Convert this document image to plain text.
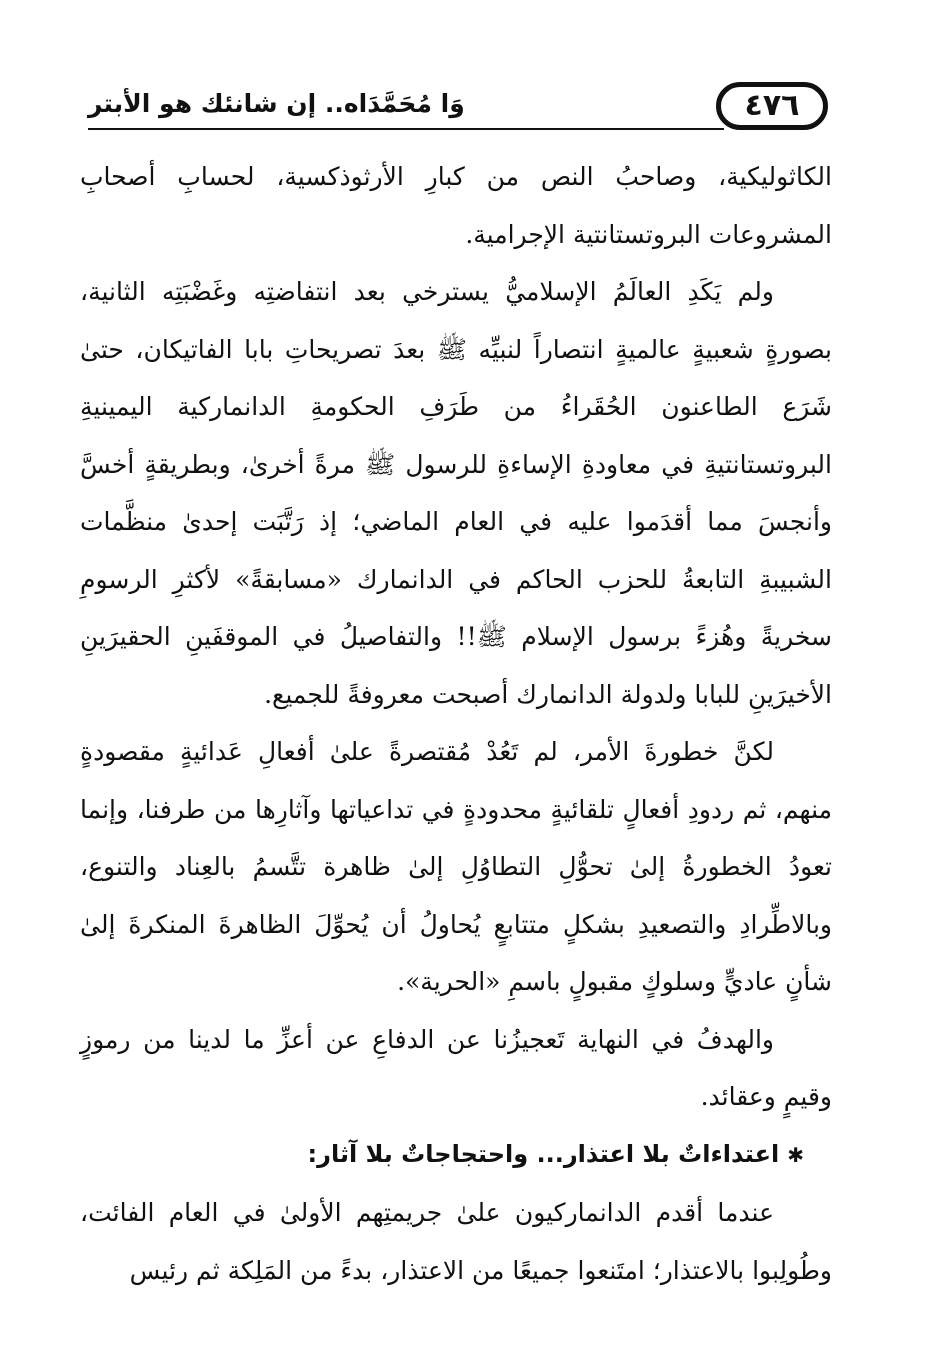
٤٧٦
وَا مُحَمَّدَاه.. إن شانئك هو الأبتر

الكاثوليكية، وصاحبُ النص من كبارِ الأرثوذكسية، لحسابِ أصحابِ المشروعات البروتستانتية الإجرامية.

ولم يَكَدِ العالَمُ الإسلاميُّ يسترخي بعد انتفاضتِه وغَضْبَتِه الثانية، بصورةٍ شعبيةٍ عالميةٍ انتصاراً لنبيِّه ﷺ بعدَ تصريحاتِ بابا الفاتيكان، حتىٰ شَرَع الطاعنون الحُقَراءُ من طَرَفِ الحكومةِ الدانماركية اليمينيةِ البروتستانتيةِ في معاودةِ الإساءةِ للرسول ﷺ مرةً أخرىٰ، وبطريقةٍ أخسَّ وأنجسَ مما أقدَموا عليه في العام الماضي؛ إذ رَتَّبَت إحدىٰ منظَّمات الشبيبةِ التابعةُ للحزب الحاكم في الدانمارك «مسابقةً» لأكثرِ الرسومِ سخريةً وهُزءً برسول الإسلام ﷺ!! والتفاصيلُ في الموقفَينِ الحقيرَينِ الأخيرَينِ للبابا ولدولة الدانمارك أصبحت معروفةً للجميع.

لكنَّ خطورةَ الأمر، لم تَعُدْ مُقتصرةً علىٰ أفعالِ عَدائيةٍ مقصودةٍ منهم، ثم ردودِ أفعالٍ تلقائيةٍ محدودةٍ في تداعياتها وآثارِها من طرفنا، وإنما تعودُ الخطورةُ إلىٰ تحوُّلِ التطاوُلِ إلىٰ ظاهرة تتَّسمُ بالعِناد والتنوع، وبالاطِّرادِ والتصعيدِ بشكلٍ متتابعٍ يُحاولُ أن يُحوِّلَ الظاهرةَ المنكرةَ إلىٰ شأنٍ عاديٍّ وسلوكٍ مقبولٍ باسمِ «الحرية».

والهدفُ في النهاية تَعجيزُنا عن الدفاعِ عن أعزِّ ما لدينا من رموزٍ وقيمٍ وعقائد.

✱اعتداءاتٌ بلا اعتذار... واحتجاجاتٌ بلا آثار:

عندما أقدم الدانماركيون علىٰ جريمتِهم الأولىٰ في العام الفائت، وطُولِبوا بالاعتذار؛ امتَنعوا جميعًا من الاعتذار، بدءً من المَلِكة ثم رئيس
